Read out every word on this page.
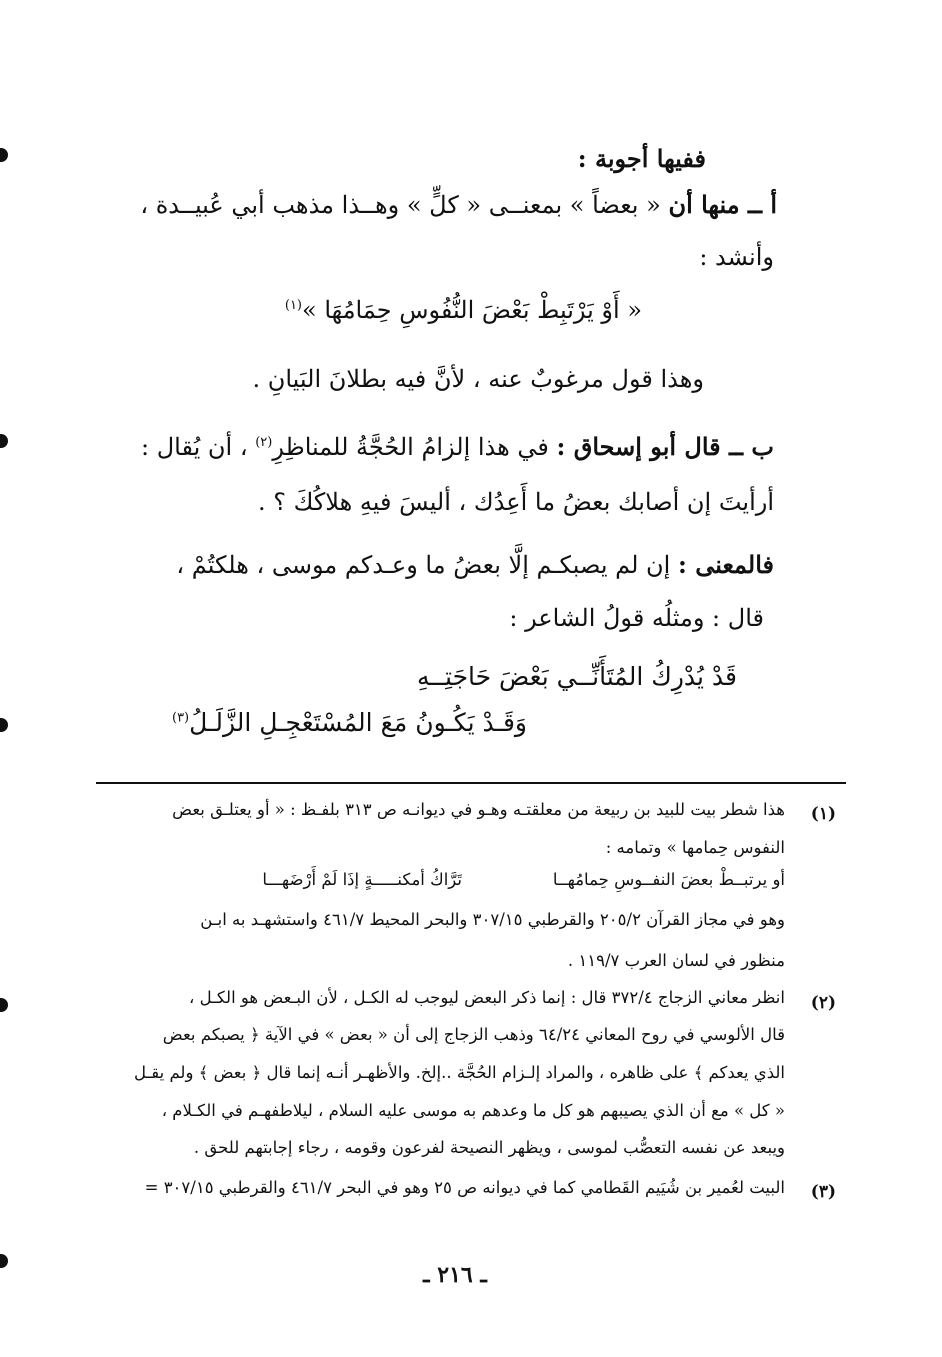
ففيها أجوبة :
أ ــ منها أن « بعضاً » بمعنــى « كلٍّ » وهــذا مذهب أبي عُبيــدة ،
وأنشد :
« أَوْ يَرْتَبِطْ بَعْضَ النُّفُوسِ حِمَامُهَا »$^{(١)}$
وهذا قول مرغوبٌ عنه ، لأنَّ فيه بطلانَ البَيانِ .
ب ــ قال أبو إسحاق : في هذا إلزامُ الحُجَّةُ للمناظِرِ$^{(٢)}$ ، أن يُقال :
أرأيتَ إن أصابك بعضُ ما أَعِدُك ، أليسَ فيهِ هلاكُكَ ؟ .
فالمعنى : إن لم يصبكـم إلَّا بعضُ ما وعـدكم موسى ، هلكتُمْ ،
قال : ومثلُه قولُ الشاعر :
قَدْ يُدْرِكُ المُتَأَنِّــي بَعْضَ حَاجَتِــهِ
وَقَـدْ يَكُـونُ مَعَ المُسْتَعْجِـلِ الزَّلَـلُ$^{(٣)}$
(١)
هذا شطر بيت للبيد بن ربيعة من معلقتـه وهـو في ديوانـه ص ٣١٣ بلفـظ : « أو يعتلـق بعض
النفوس حِمامها » وتمامه :
تَرَّاكُ أمكنـــــةٍ إذَا لَمْ أَرْضَهـــا	أو يرتبــطْ بعضَ النفــوسِ حِمامُهــا
وهو في مجاز القرآن ٢٠٥/٢ والقرطبي ٣٠٧/١٥ والبحر المحيط ٤٦١/٧ واستشهـد به ابـن
منظور في لسان العرب ١١٩/٧ .
(٢)
انظر معاني الزجاج ٣٧٢/٤ قال : إنما ذكر البعض ليوجب له الكـل ، لأن البـعض هو الكـل ،
قال الألوسي في روح المعاني ٦٤/٢٤ وذهب الزجاج إلى أن « بعض » في الآية ﴿ يصبكم بعض
الذي يعدكم ﴾ على ظاهره ، والمراد إلـزام الحُجَّة ..إلخ. والأظهـر أنـه إنما قال ﴿ بعض ﴾ ولم يقـل
« كل » مع أن الذي يصيبهم هو كل ما وعدهم به موسى عليه السلام ، ليلاطفهـم في الكـلام ،
ويبعد عن نفسه التعصُّب لموسى ، ويظهر النصيحة لفرعون وقومه ، رجاء إجابتهم للحق .
(٣)
البيت لعُمير بن شُيَيم القَطامي كما في ديوانه ص ٢٥ وهو في البحر ٤٦١/٧ والقرطبي ٣٠٧/١٥ =
ـ ٢١٦ ـ
